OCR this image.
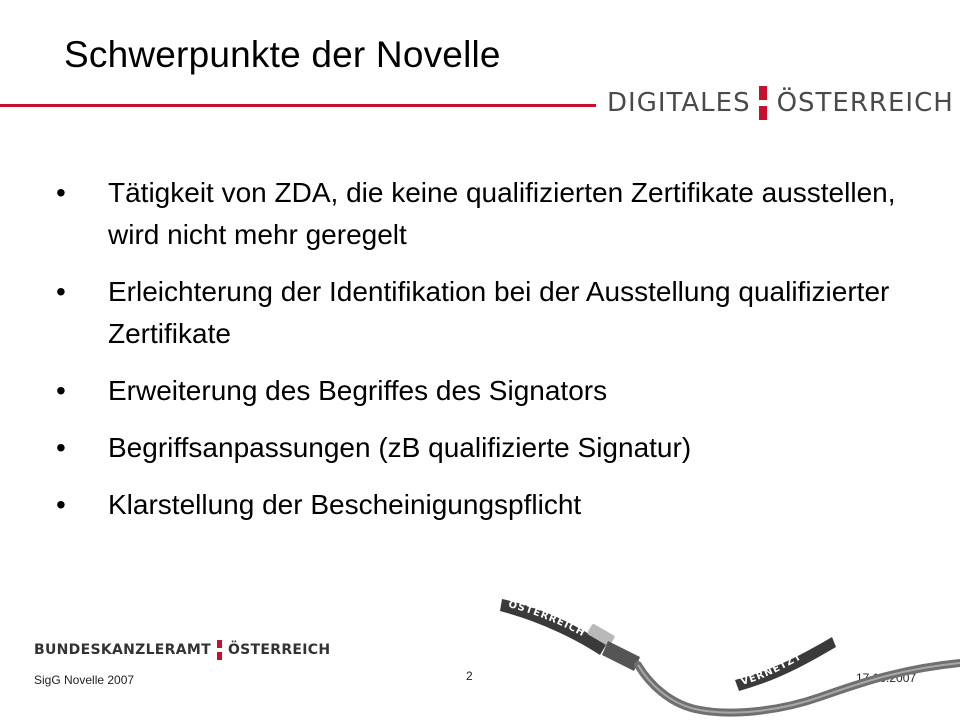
Schwerpunkte der Novelle
DIGITALES ÖSTERREICH
• Tätigkeit von ZDA, die keine qualifizierten Zertifikate ausstellen, wird nicht mehr geregelt
• Erleichterung der Identifikation bei der Ausstellung qualifizierter Zertifikate
• Erweiterung des Begriffes des Signators
• Begriffsanpassungen (zB qualifizierte Signatur)
• Klarstellung der Bescheinigungspflicht
BUNDESKANZLERAMT ÖSTERREICH
SigG Novelle 2007	2	17.10.2007
ÖSTERREICH
VERNETZT
